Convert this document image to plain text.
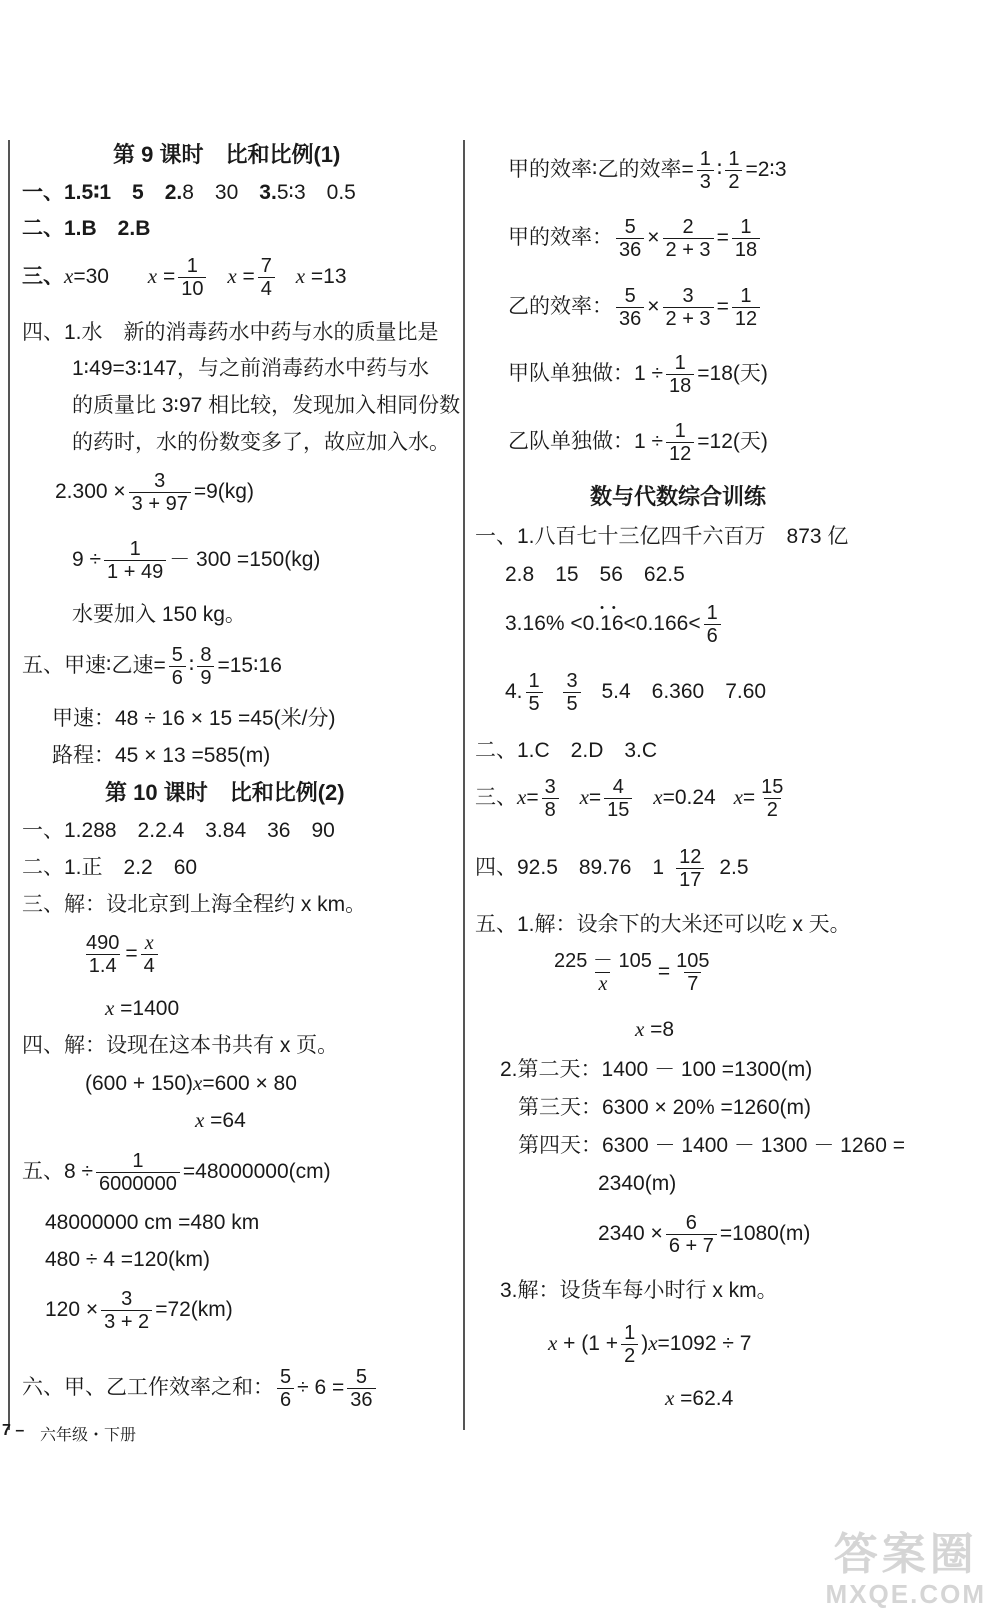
第 9 课时　比和比例(1)
一、1.5∶1　5　2.8　30　3.5∶3　0.5
二、1.B　2.B
三、x=30　 $x = \frac{1}{10}$ $x = \frac{7}{4}$ x =13
四、1.水　新的消毒药水中药与水的质量比是
1∶49=3∶147，与之前消毒药水中药与水
的质量比 3∶97 相比较，发现加入相同份数
的药时，水的份数变多了，故应加入水。
$2.300 \times \frac{3}{3 + 97} =9(kg)$
$9 \div \frac{1}{1 + 49} - 300 =150(kg)$
水要加入 150 kg。
五、甲速∶乙速= $\frac{5}{6}$ ∶ $\frac{8}{9}$ =15∶16
甲速：48 ÷ 16 × 15 =45(米/分)
路程：45 × 13 =585(m)
第 10 课时　比和比例(2)
一、1.288　2.2.4　3.84　36　90
二、1.正　2.2　60
三、解：设北京到上海全程约 x km。
$\frac{490}{1.4} = \frac{x}{4}$
x =1400
四、解：设现在这本书共有 x 页。
(600 + 150)x=600 × 80
x =64
五、$8 \div \frac{1}{6000000} =48000000(cm)$
48000000 cm =480 km
480 ÷ 4 =120(km)
$120 \times \frac{3}{3 + 2} =72(km)$
六、甲、乙工作效率之和： $\frac{5}{6} \div 6 = \frac{5}{36}$
甲的效率∶乙的效率= $\frac{1}{3}$ ∶ $\frac{1}{2}$ =2∶3
甲的效率： $\frac{5}{36} \times \frac{2}{2 + 3} = \frac{1}{18}$
乙的效率： $\frac{5}{36} \times \frac{3}{2 + 3} = \frac{1}{12}$
甲队单独做：$1 \div \frac{1}{18} =18$(天)
乙队单独做：$1 \div \frac{1}{12} =12$(天)
数与代数综合训练
一、1.八百七十三亿四千六百万　873 亿
2.8　15　56　62.5
3.16% <0.• 1• $6<0.166< \frac{1}{6}$
4. $\frac{1}{5}$
$\frac{3}{5} 5.4$　6.360　7.60
二、1.C　2.D　3.C
三、$x= \frac{3}{8} x= \frac{4}{15} x=0.24$ $x= \frac{15}{2}$
四、92.5　89.76　$1 \frac{12}{17} 2.5$
五、1.解：设余下的大米还可以吃 x 天。
$\frac{225 - 105}{x} = \frac{105}{7}$
x =8
2.第二天：1400 － 100 =1300(m)
第三天：6300 × 20% =1260(m)
第四天：6300 － 1400 － 1300 － 1260 =
2340(m)
$2340 \times \frac{6}{6 + 7} =1080(m)$
3.解：设货车每小时行 x km。
$x + (1 + \frac{1}{2} )x=1092 \div 7$
x =62.4
7 – 六年级・下册
答案圈
MXQE.COM
